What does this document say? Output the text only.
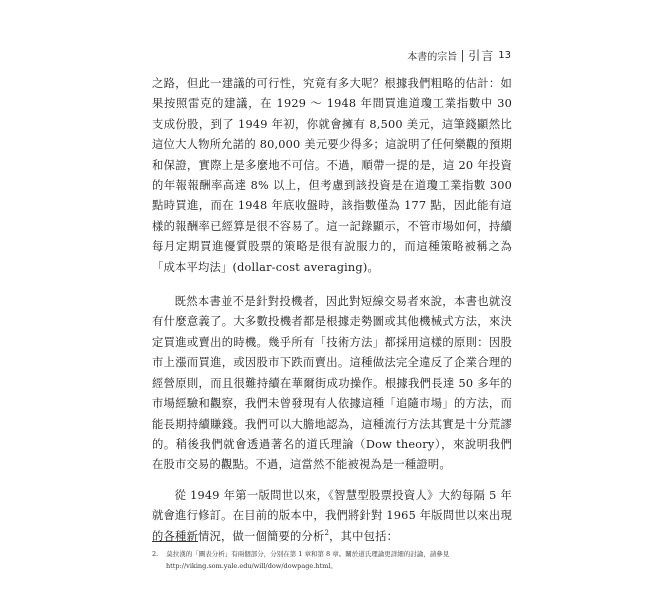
本書的宗旨 引言 13

之路，但此一建議的可行性，究竟有多大呢？根據我們粗略的估計：如果按照雷克的建議，在 1929 ～ 1948 年間買進道瓊工業指數中 30 支成份股，到了 1949 年初，你就會擁有 8,500 美元，這筆錢顯然比這位大人物所允諾的 80,000 美元要少得多；這說明了任何樂觀的預期和保證，實際上是多麼地不可信。不過，順帶一提的是，這 20 年投資的年報報酬率高達 8% 以上，但考慮到該投資是在道瓊工業指數 300 點時買進，而在 1948 年底收盤時，該指數僅為 177 點，因此能有這樣的報酬率已經算是很不容易了。這一記錄顯示，不管市場如何，持續每月定期買進優質股票的策略是很有說服力的，而這種策略被稱之為「成本平均法」(dollar-cost averaging)。

既然本書並不是針對投機者，因此對短線交易者來說，本書也就沒有什麼意義了。大多數投機者都是根據走勢圖或其他機械式方法，來決定買進或賣出的時機。幾乎所有「技術方法」都採用這樣的原則：因股市上漲而買進，或因股市下跌而賣出。這種做法完全違反了企業合理的經營原則，而且很難持續在華爾街成功操作。根據我們長達 50 多年的市場經驗和觀察，我們未曾發現有人依據這種「追隨市場」的方法，而能長期持續賺錢。我們可以大膽地認為，這種流行方法其實是十分荒謬的。稍後我們就會透過著名的道氏理論（Dow theory），來說明我們在股市交易的觀點。不過，這當然不能被視為是一種證明。

從 1949 年第一版問世以來，《智慧型股票投資人》大約每隔 5 年就會進行修訂。在目前的版本中，我們將針對 1965 年版問世以來出現的各種新情況，做一個簡要的分析$^2$，其中包括：

2. 莫拉漢的「圖表分析」有兩個部分，分別在第 1 章和第 8 章。關於道氏理論更詳細的討論，請參見
http://viking.som.yale.edu/will/dow/dowpage.html。
